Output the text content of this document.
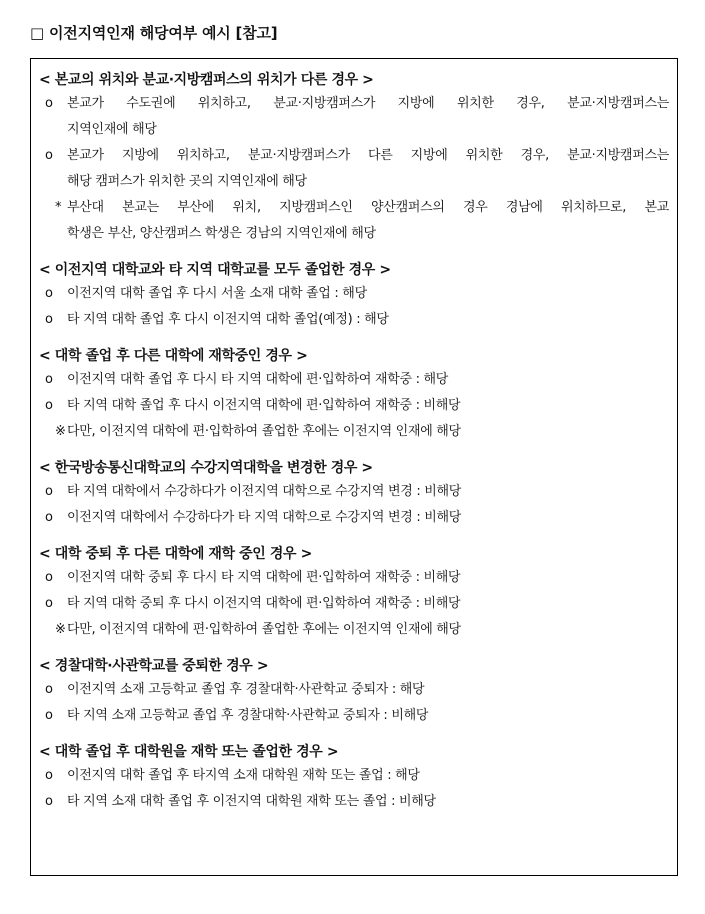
□ 이전지역인재 해당여부 예시 [참고]
< 본교의 위치와 분교·지방캠퍼스의 위치가 다른 경우 >
o	본교가 수도권에 위치하고, 분교·지방캠퍼스가 지방에 위치한 경우, 분교·지방캠퍼스는
지역인재에 해당
o	본교가 지방에 위치하고, 분교·지방캠퍼스가 다른 지방에 위치한 경우, 분교·지방캠퍼스는
해당 캠퍼스가 위치한 곳의 지역인재에 해당
* 부산대 본교는 부산에 위치, 지방캠퍼스인 양산캠퍼스의 경우 경남에 위치하므로, 본교
학생은 부산, 양산캠퍼스 학생은 경남의 지역인재에 해당
< 이전지역 대학교와 타 지역 대학교를 모두 졸업한 경우 >
o	이전지역 대학 졸업 후 다시 서울 소재 대학 졸업 : 해당
o	타 지역 대학 졸업 후 다시 이전지역 대학 졸업(예정) : 해당
< 대학 졸업 후 다른 대학에 재학중인 경우 >
o	이전지역 대학 졸업 후 다시 타 지역 대학에 편·입학하여 재학중 : 해당
o	타 지역 대학 졸업 후 다시 이전지역 대학에 편·입학하여 재학중 : 비해당
※ 다만, 이전지역 대학에 편·입학하여 졸업한 후에는 이전지역 인재에 해당
< 한국방송통신대학교의 수강지역대학을 변경한 경우 >
o	타 지역 대학에서 수강하다가 이전지역 대학으로 수강지역 변경 : 비해당
o	이전지역 대학에서 수강하다가 타 지역 대학으로 수강지역 변경 : 비해당
< 대학 중퇴 후 다른 대학에 재학 중인 경우 >
o	이전지역 대학 중퇴 후 다시 타 지역 대학에 편·입학하여 재학중 : 비해당
o	타 지역 대학 중퇴 후 다시 이전지역 대학에 편·입학하여 재학중 : 비해당
※ 다만, 이전지역 대학에 편·입학하여 졸업한 후에는 이전지역 인재에 해당
< 경찰대학·사관학교를 중퇴한 경우 >
o	이전지역 소재 고등학교 졸업 후 경찰대학·사관학교 중퇴자 : 해당
o	타 지역 소재 고등학교 졸업 후 경찰대학·사관학교 중퇴자 : 비해당
< 대학 졸업 후 대학원을 재학 또는 졸업한 경우 >
o	이전지역 대학 졸업 후 타지역 소재 대학원 재학 또는 졸업 : 해당
o	타 지역 소재 대학 졸업 후 이전지역 대학원 재학 또는 졸업 : 비해당
